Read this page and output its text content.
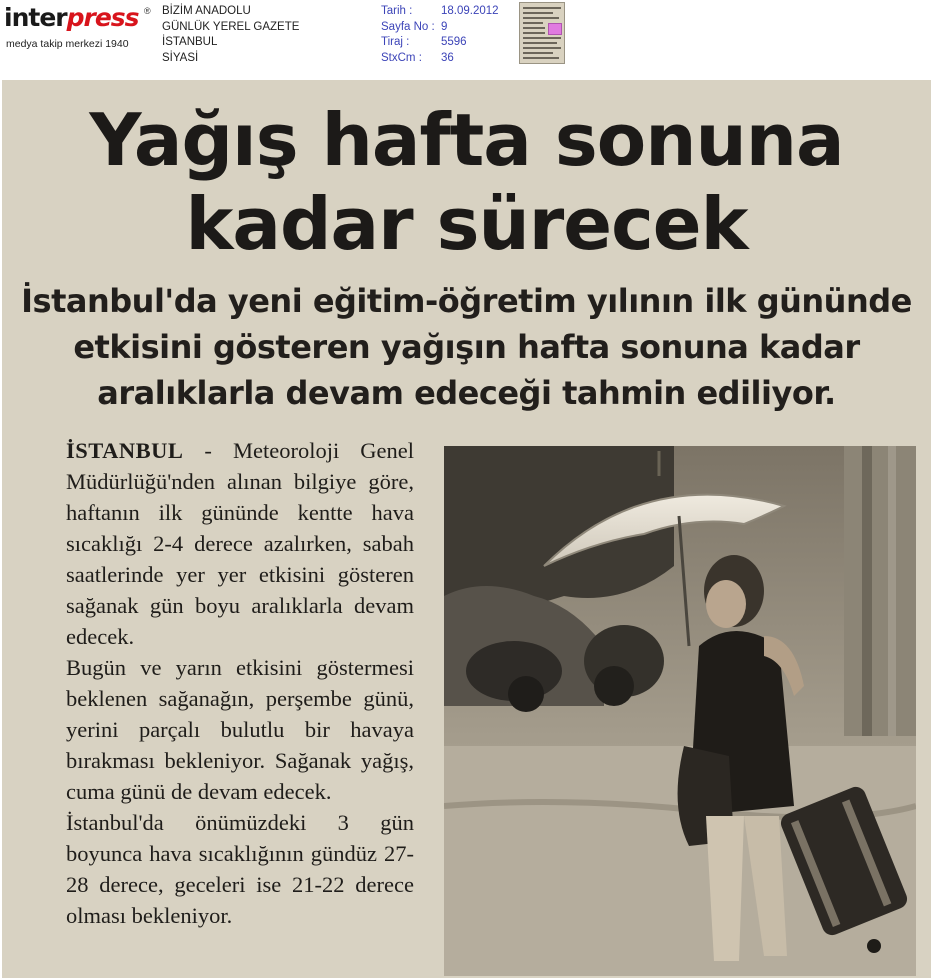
interpress ®
medya takip merkezi 1940
BİZİM ANADOLU
GÜNLÜK YEREL GAZETE
İSTANBUL
SİYASİ
Tarih : 18.09.2012
Sayfa No : 9
Tiraj :	5596
StxCm : 36
Yağış hafta sonuna
kadar sürecek
İstanbul'da yeni eğitim-öğretim yılının ilk gününde
etkisini gösteren yağışın hafta sonuna kadar
aralıklarla devam edeceği tahmin ediliyor.

İSTANBUL - Meteoroloji Genel Müdürlüğü'nden alınan bilgiye göre, haftanın ilk gününde kentte hava sıcaklığı 2-4 derece azalırken, sabah saatlerinde yer yer etkisini gösteren sağanak gün boyu aralıklarla devam edecek.

Bugün ve yarın etkisini göstermesi beklenen sağanağın, perşembe günü, yerini parçalı bulutlu bir havaya bırakması bekleniyor. Sağanak yağış, cuma günü de devam edecek.

İstanbul'da önümüzdeki 3 gün boyunca hava sıcaklığının gündüz 27-28 derece, geceleri ise 21-22 derece olması bekleniyor.
